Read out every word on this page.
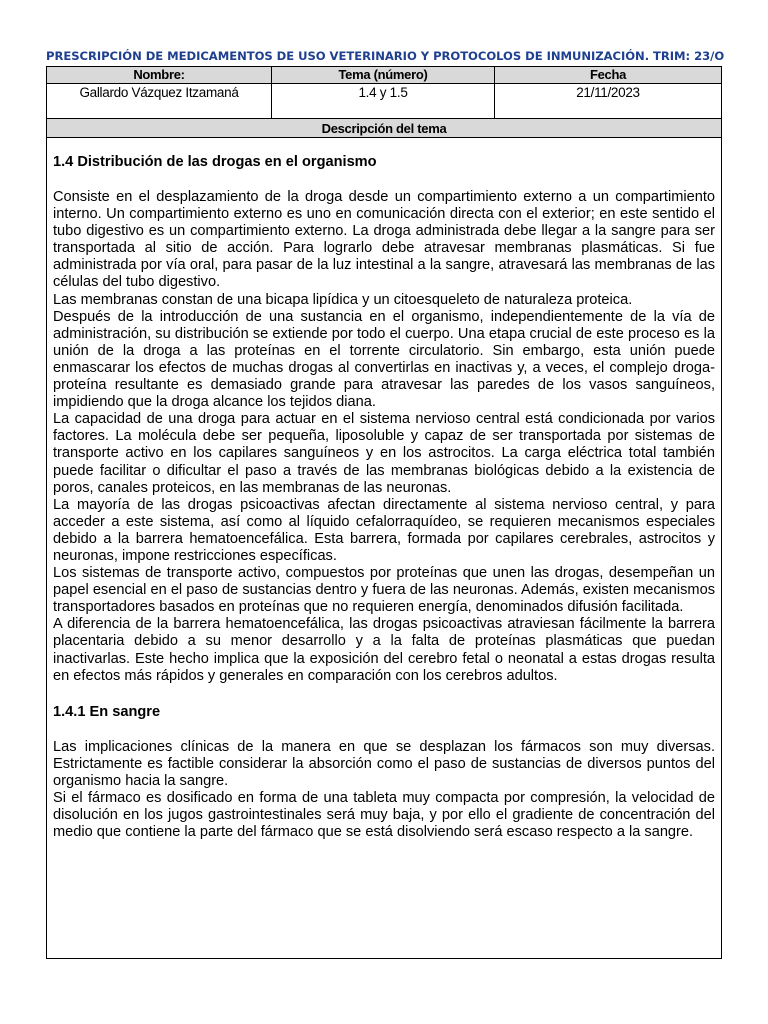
PRESCRIPCIÓN DE MEDICAMENTOS DE USO VETERINARIO Y PROTOCOLOS DE INMUNIZACIÓN. TRIM: 23/O
Nombre:	Tema (número)	Fecha
Gallardo Vázquez Itzamaná	1.4 y 1.5	21/11/2023
Descripción del tema
1.4 Distribución de las drogas en el organismo

Consiste en el desplazamiento de la droga desde un compartimiento externo a un compartimiento interno. Un compartimiento externo es uno en comunicación directa con el exterior; en este sentido el tubo digestivo es un compartimiento externo. La droga administrada debe llegar a la sangre para ser transportada al sitio de acción. Para lograrlo debe atravesar membranas plasmáticas. Si fue administrada por vía oral, para pasar de la luz intestinal a la sangre, atravesará las membranas de las células del tubo digestivo.

Las membranas constan de una bicapa lipídica y un citoesqueleto de naturaleza proteica.

Después de la introducción de una sustancia en el organismo, independientemente de la vía de administración, su distribución se extiende por todo el cuerpo. Una etapa crucial de este proceso es la unión de la droga a las proteínas en el torrente circulatorio. Sin embargo, esta unión puede enmascarar los efectos de muchas drogas al convertirlas en inactivas y, a veces, el complejo droga-proteína resultante es demasiado grande para atravesar las paredes de los vasos sanguíneos, impidiendo que la droga alcance los tejidos diana.

La capacidad de una droga para actuar en el sistema nervioso central está condicionada por varios factores. La molécula debe ser pequeña, liposoluble y capaz de ser transportada por sistemas de transporte activo en los capilares sanguíneos y en los astrocitos. La carga eléctrica total también puede facilitar o dificultar el paso a través de las membranas biológicas debido a la existencia de poros, canales proteicos, en las membranas de las neuronas.

La mayoría de las drogas psicoactivas afectan directamente al sistema nervioso central, y para acceder a este sistema, así como al líquido cefalorraquídeo, se requieren mecanismos especiales debido a la barrera hematoencefálica. Esta barrera, formada por capilares cerebrales, astrocitos y neuronas, impone restricciones específicas.

Los sistemas de transporte activo, compuestos por proteínas que unen las drogas, desempeñan un papel esencial en el paso de sustancias dentro y fuera de las neuronas. Además, existen mecanismos transportadores basados en proteínas que no requieren energía, denominados difusión facilitada.

A diferencia de la barrera hematoencefálica, las drogas psicoactivas atraviesan fácilmente la barrera placentaria debido a su menor desarrollo y a la falta de proteínas plasmáticas que puedan inactivarlas. Este hecho implica que la exposición del cerebro fetal o neonatal a estas drogas resulta en efectos más rápidos y generales en comparación con los cerebros adultos.

1.4.1 En sangre

Las implicaciones clínicas de la manera en que se desplazan los fármacos son muy diversas. Estrictamente es factible considerar la absorción como el paso de sustancias de diversos puntos del organismo hacia la sangre.

Si el fármaco es dosificado en forma de una tableta muy compacta por compresión, la velocidad de disolución en los jugos gastrointestinales será muy baja, y por ello el gradiente de concentración del medio que contiene la parte del fármaco que se está disolviendo será escaso respecto a la sangre.
